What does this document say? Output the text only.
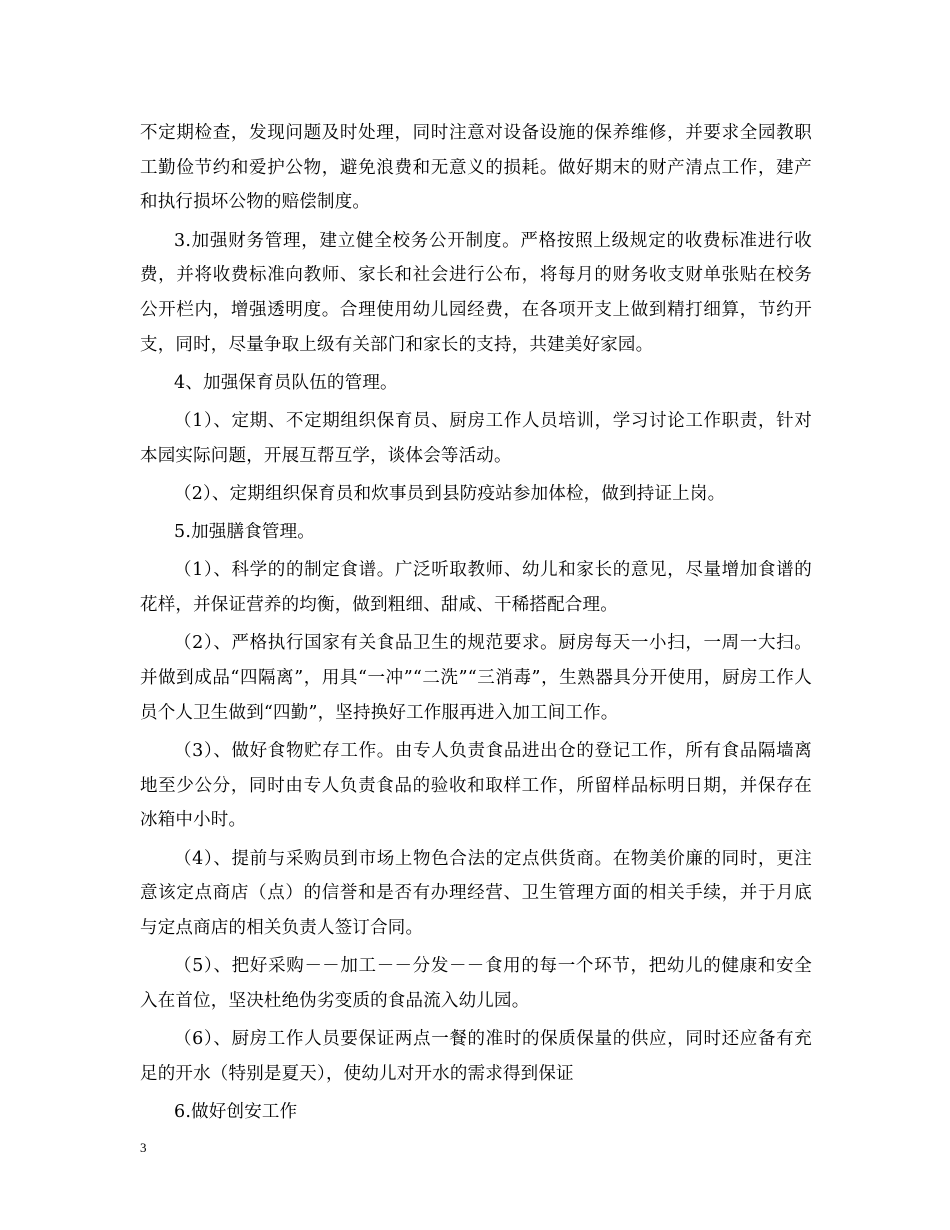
不定期检查，发现问题及时处理，同时注意对设备设施的保养维修，并要求全园教职工勤俭节约和爱护公物，避免浪费和无意义的损耗。做好期末的财产清点工作，建产和执行损坏公物的赔偿制度。

3.加强财务管理，建立健全校务公开制度。严格按照上级规定的收费标准进行收费，并将收费标准向教师、家长和社会进行公布，将每月的财务收支财单张贴在校务公开栏内，增强透明度。合理使用幼儿园经费，在各项开支上做到精打细算，节约开支，同时，尽量争取上级有关部门和家长的支持，共建美好家园。

4、加强保育员队伍的管理。

（1）、定期、不定期组织保育员、厨房工作人员培训，学习讨论工作职责，针对本园实际问题，开展互帮互学，谈体会等活动。

（2）、定期组织保育员和炊事员到县防疫站参加体检，做到持证上岗。

5.加强膳食管理。

（1）、科学的的制定食谱。广泛听取教师、幼儿和家长的意见，尽量增加食谱的花样，并保证营养的均衡，做到粗细、甜咸、干稀搭配合理。

（2）、严格执行国家有关食品卫生的规范要求。厨房每天一小扫，一周一大扫。并做到成品“四隔离”，用具“一冲”“二洗”“三消毒”，生熟器具分开使用，厨房工作人员个人卫生做到“四勤”，坚持换好工作服再进入加工间工作。

（3）、做好食物贮存工作。由专人负责食品进出仓的登记工作，所有食品隔墙离地至少公分，同时由专人负责食品的验收和取样工作，所留样品标明日期，并保存在冰箱中小时。

（4）、提前与采购员到市场上物色合法的定点供货商。在物美价廉的同时，更注意该定点商店（点）的信誉和是否有办理经营、卫生管理方面的相关手续，并于月底与定点商店的相关负责人签订合同。

（5）、把好采购－－加工－－分发－－食用的每一个环节，把幼儿的健康和安全入在首位，坚决杜绝伪劣变质的食品流入幼儿园。

（6）、厨房工作人员要保证两点一餐的准时的保质保量的供应，同时还应备有充足的开水（特别是夏天），使幼儿对开水的需求得到保证

6.做好创安工作

3
